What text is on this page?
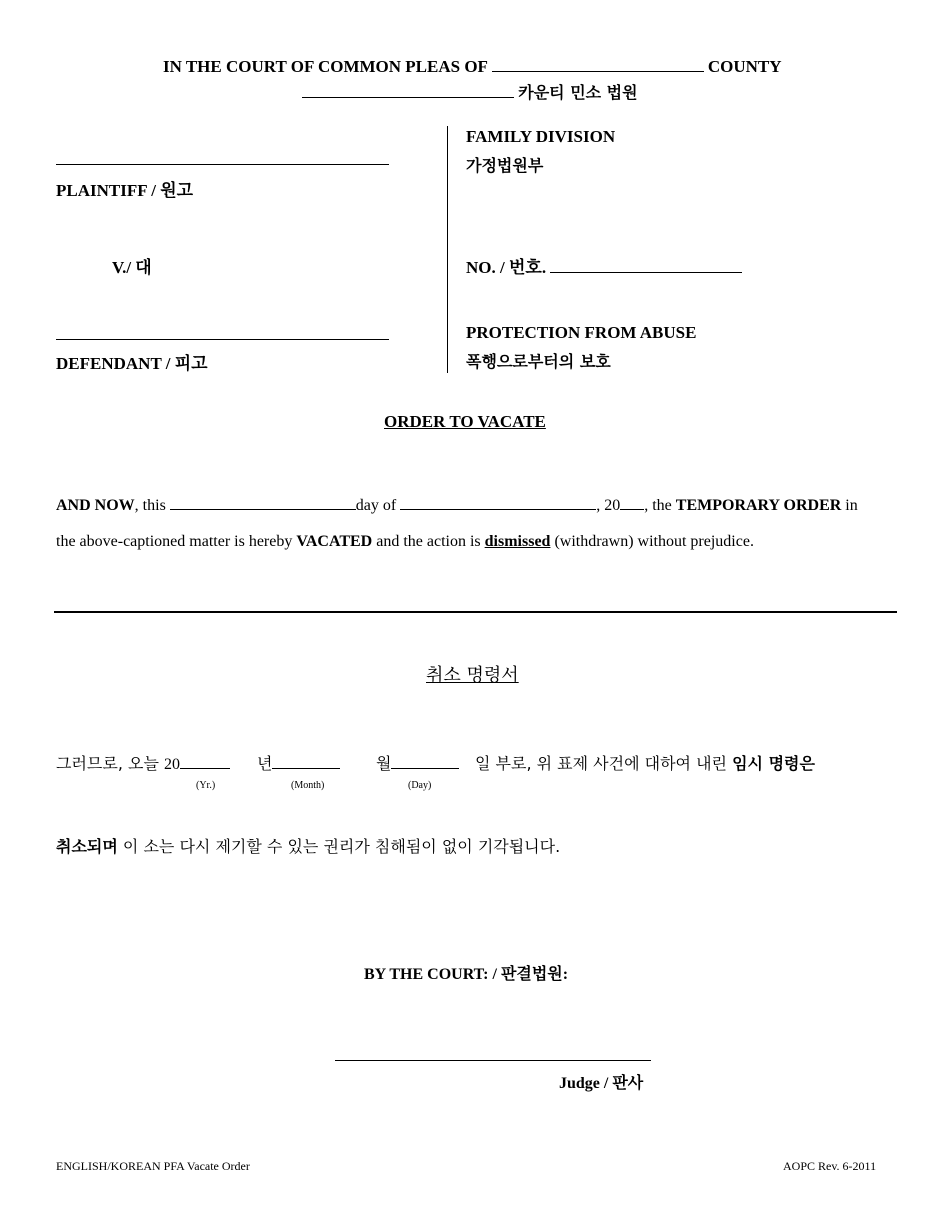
IN THE COURT OF COMMON PLEAS OF	COUNTY
카운티 민소 법원
PLAINTIFF / 원고
V./ 대
DEFENDANT / 피고
FAMILY DIVISION
가정법원부
NO. / 번호.
PROTECTION FROM ABUSE
폭행으로부터의 보호
ORDER TO VACATE
AND NOW, this	day of	, 20 , the TEMPORARY ORDER in
the above-captioned matter is hereby VACATED and the action is dismissed (withdrawn) without prejudice.
취소 명령서
그러므로, 오늘 20	년	월	일 부로, 위 표제 사건에 대하여 내린 임시 명령은
(Yr.)	(Month)	(Day)
취소되며 이 소는 다시 제기할 수 있는 권리가 침해됨이 없이 기각됩니다.
BY THE COURT: / 판결법원:
Judge / 판사
ENGLISH/KOREAN PFA Vacate Order	AOPC Rev. 6-2011
